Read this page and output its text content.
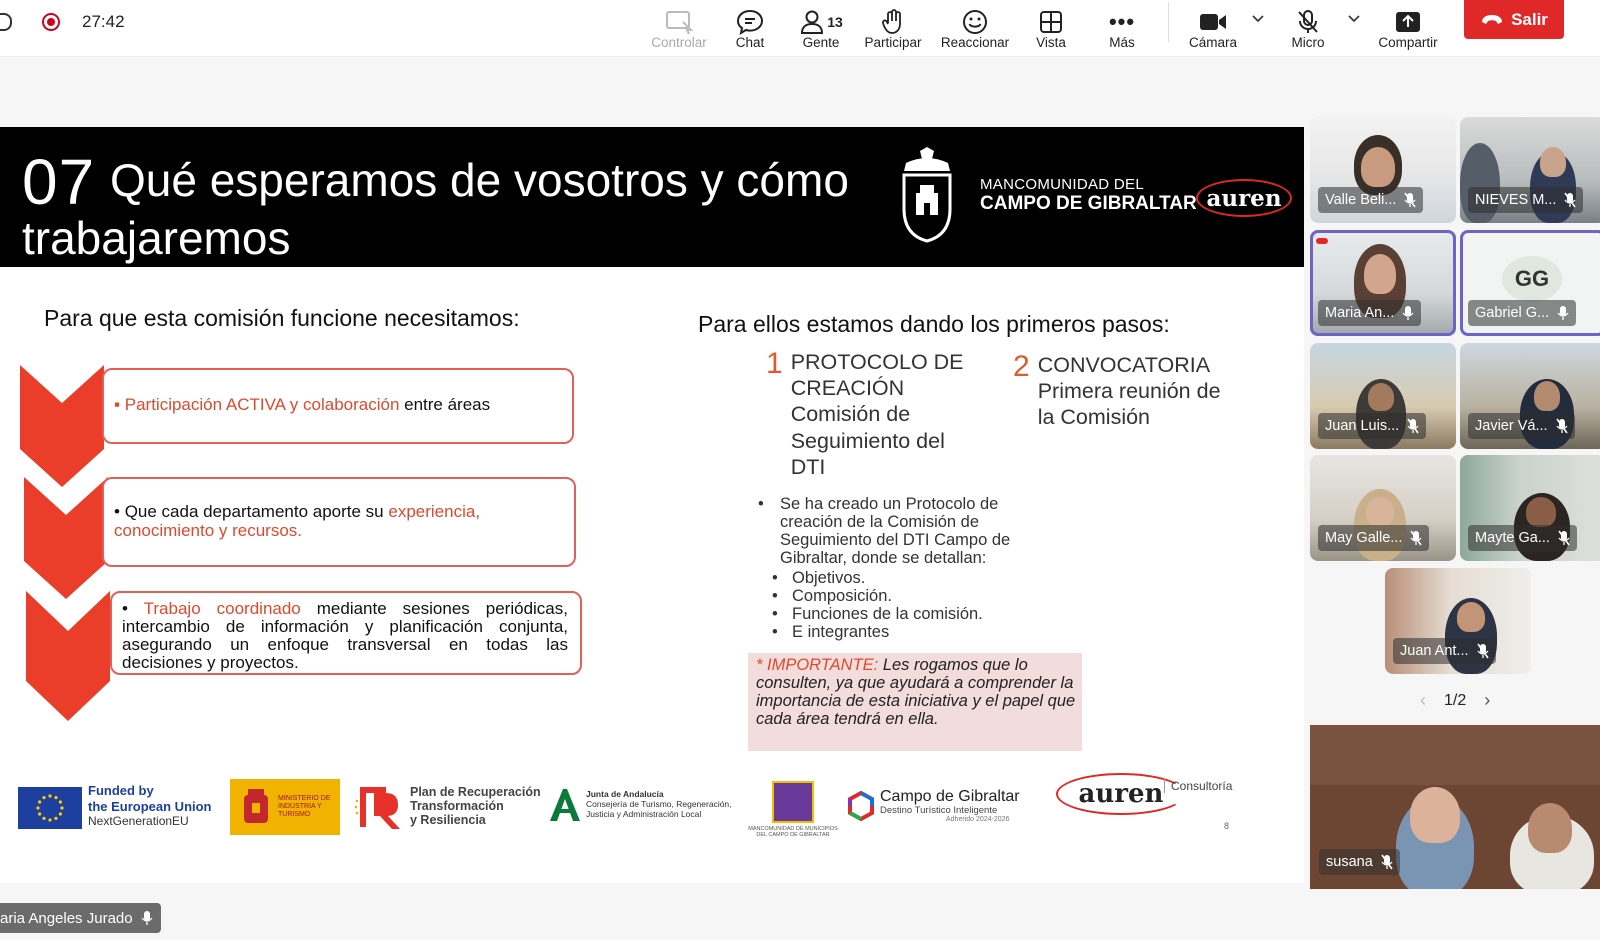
27:42
Controlar Chat
13
Gente Participar Reaccionar Vista
•••
Más	Cámara	Micro	Compartir
Salir
07 Qué esperamos de vosotros y cómo
trabajaremos
MANCOMUNIDAD DEL
CAMPO DE GIBRALTAR auren
Para que esta comisión funcione necesitamos:	Para ellos estamos dando los primeros pasos:
▪ Participación ACTIVA y colaboración entre áreas
• Que cada departamento aporte su experiencia, conocimiento y recursos.
• Trabajo coordinado mediante sesiones periódicas, intercambio de información y planificación conjunta, asegurando un enfoque transversal en todas las decisiones y proyectos.
1 PROTOCOLO DE CREACIÓN Comisión de Seguimiento del DTI
2 CONVOCATORIA Primera reunión de la Comisión
• Se ha creado un Protocolo de creación de la Comisión de Seguimiento del DTI Campo de Gibraltar, donde se detallan:
• Objetivos.
• Composición.
• Funciones de la comisión.
• E integrantes
* IMPORTANTE: Les rogamos que lo consulten, ya que ayudará a comprender la importancia de esta iniciativa y el papel que cada área tendrá en ella.
Funded by
the European Union
NextGenerationEU
MINISTERIO DE INDUSTRIA Y TURISMO
Plan de Recuperación
Transformación
y Resiliencia
Junta de Andalucía
Consejería de Turismo, Regeneración,
Justicia y Administración Local
MANCOMUNIDAD DE MUNICIPIOS DEL CAMPO DE GIBRALTAR
Campo de Gibraltar
Destino Turístico Inteligente
Adherido 2024-2026
auren Consultoría
8
Valle Beli...	NIEVES M...
Maria An...
GG
Gabriel G...
Juan Luis...	Javier Vá...
May Galle...	Mayte Ga...
Juan Ant...
‹ 1/2 ›
susana
aria Angeles Jurado
